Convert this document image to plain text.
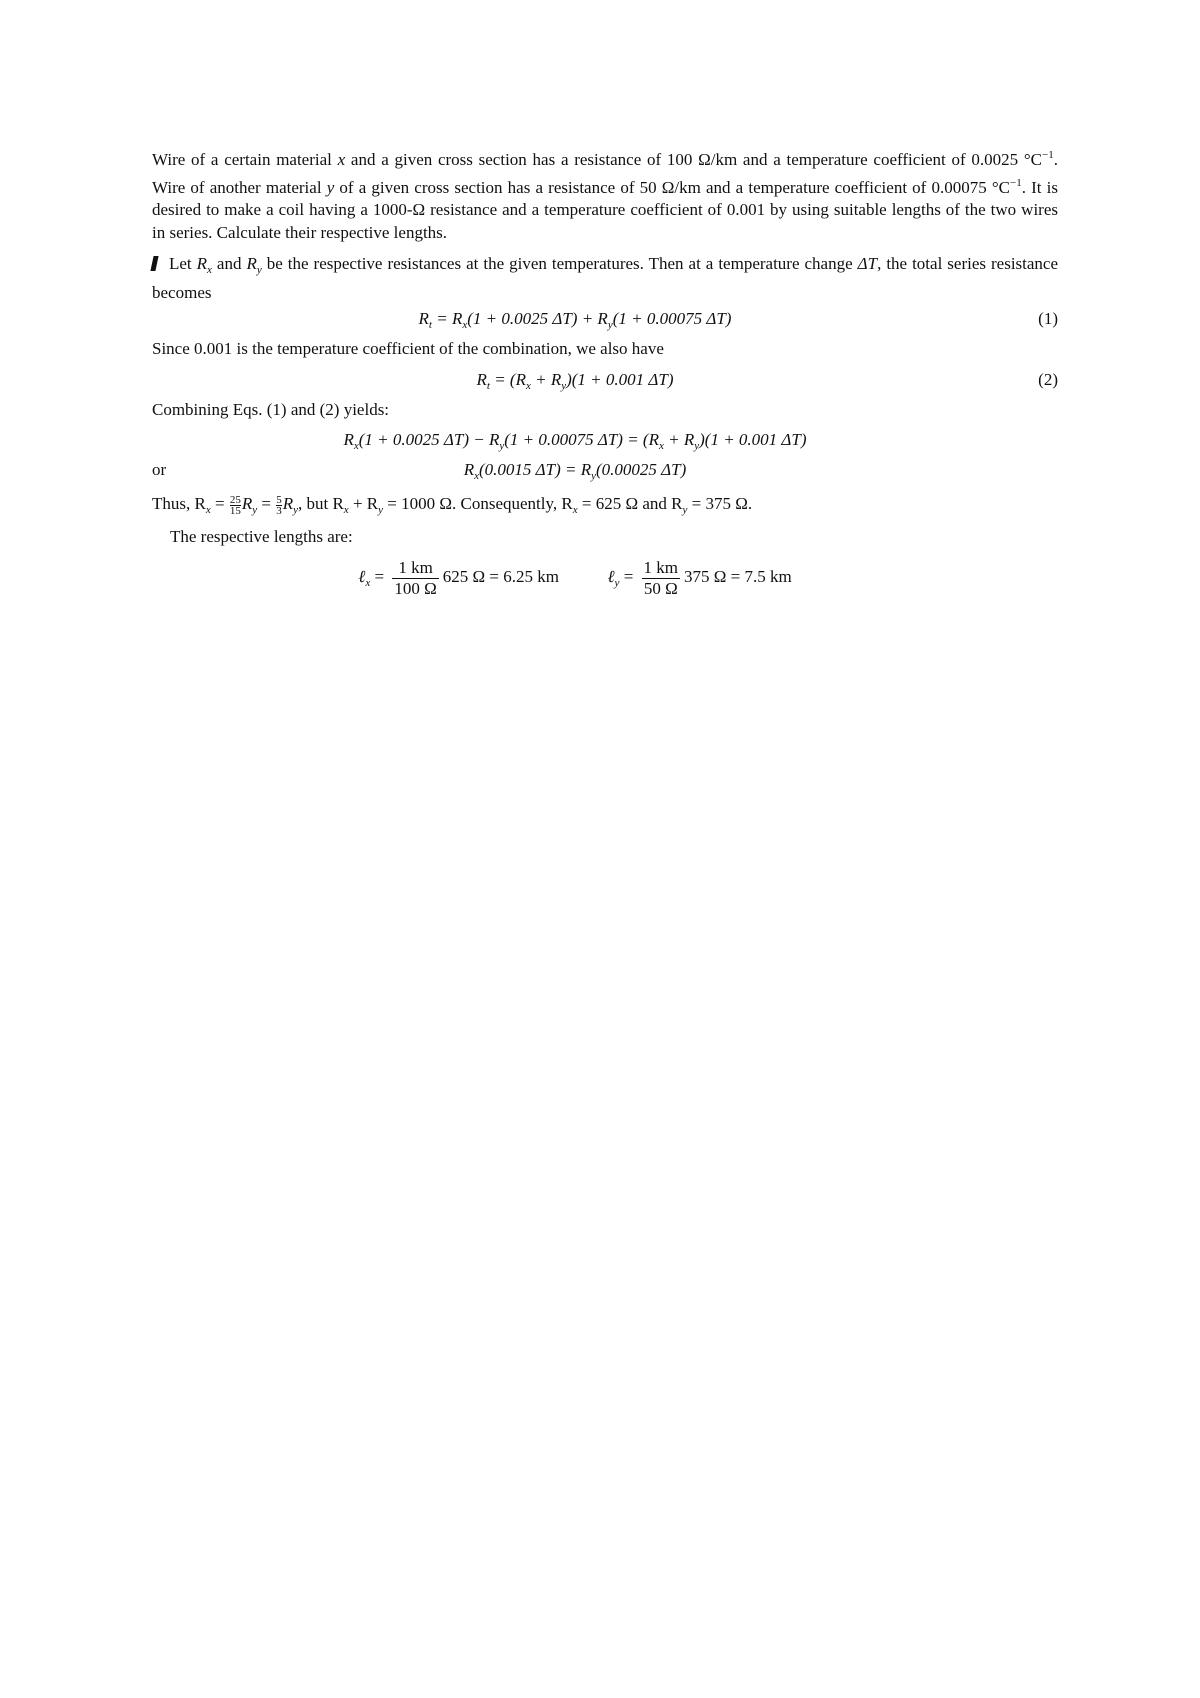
Wire of a certain material x and a given cross section has a resistance of 100 Ω/km and a temperature coefficient of 0.0025 $^\circ C^{-1}$. Wire of another material y of a given cross section has a resistance of 50 Ω/km and a temperature coefficient of 0.00075 $^\circ C^{-1}$. It is desired to make a coil having a 1000-Ω resistance and a temperature coefficient of 0.001 by using suitable lengths of the two wires in series. Calculate their respective lengths.

Let $R_x$ and $R_y$ be the respective resistances at the given temperatures. Then at a temperature change ΔT, the total series resistance becomes

$R_t = R_x(1 + 0.0025$ $\Delta T) + R_y(1 + 0.00075$ ΔT)	(1)

Since 0.001 is the temperature coefficient of the combination, we also have

$R_t = (R_x + R_y)(1 + 0.001$ ΔT)	(2)

Combining Eqs. (1) and (2) yields:

$R_x(1 + 0.0025$ $\Delta T) - R_y(1 + 0.00075$ $\Delta T) = (R_x + R_y)(1 + 0.001$ ΔT)
or	$R_x(0.0015$ $\Delta T) = R_y(0.00025$ ΔT)

Thus, $R_x = \frac{25}{15} R_y = \frac{5}{3} R_y$, but $R_x + R_y = 1000$ Ω. Consequently, $R_x = 625$ Ω and $R_y = 375$ Ω.

The respective lengths are:

ℓ$_x$ = $\frac{1 km}{100 \Omega} 625$ Ω = 6.25 km	ℓ$_y$ = $\frac{1 km}{50 \Omega} 375$ Ω = 7.5 km
